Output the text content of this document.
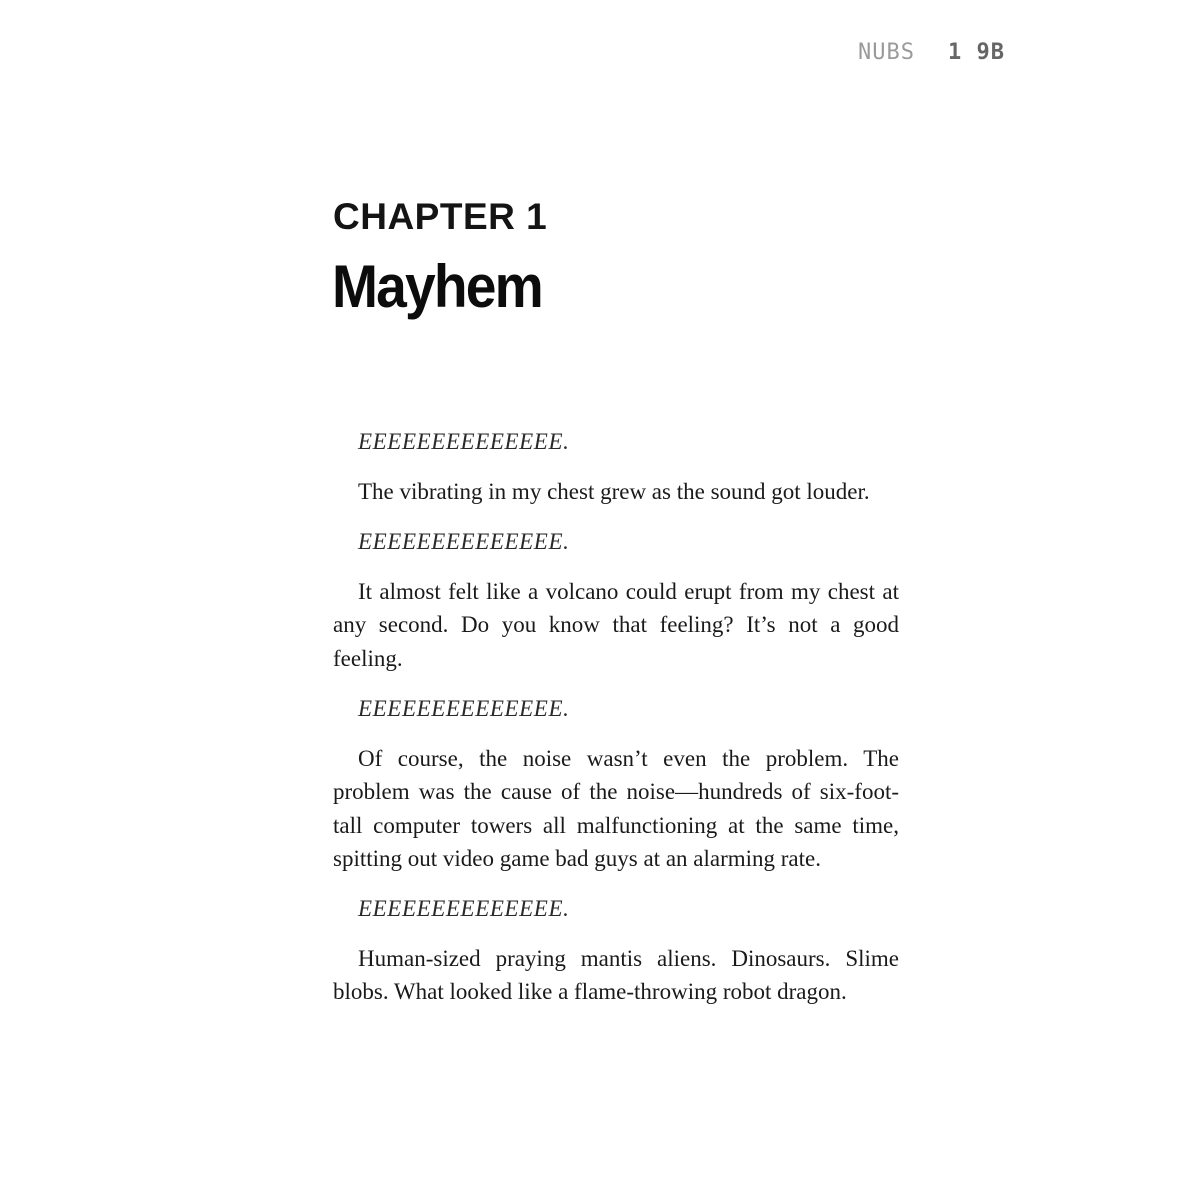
NUBS 1 9B
CHAPTER 1
Mayhem

EEEEEEEEEEEEEE.

The vibrating in my chest grew as the sound got louder.

EEEEEEEEEEEEEE.

It almost felt like a volcano could erupt from my chest at any second. Do you know that feeling? It’s not a good feeling.

EEEEEEEEEEEEEE.

Of course, the noise wasn’t even the problem. The problem was the cause of the noise—hundreds of six-foot-tall computer towers all malfunctioning at the same time, spitting out video game bad guys at an alarming rate.

EEEEEEEEEEEEEE.

Human-sized praying mantis aliens. Dinosaurs. Slime blobs. What looked like a flame-throwing robot dragon.
